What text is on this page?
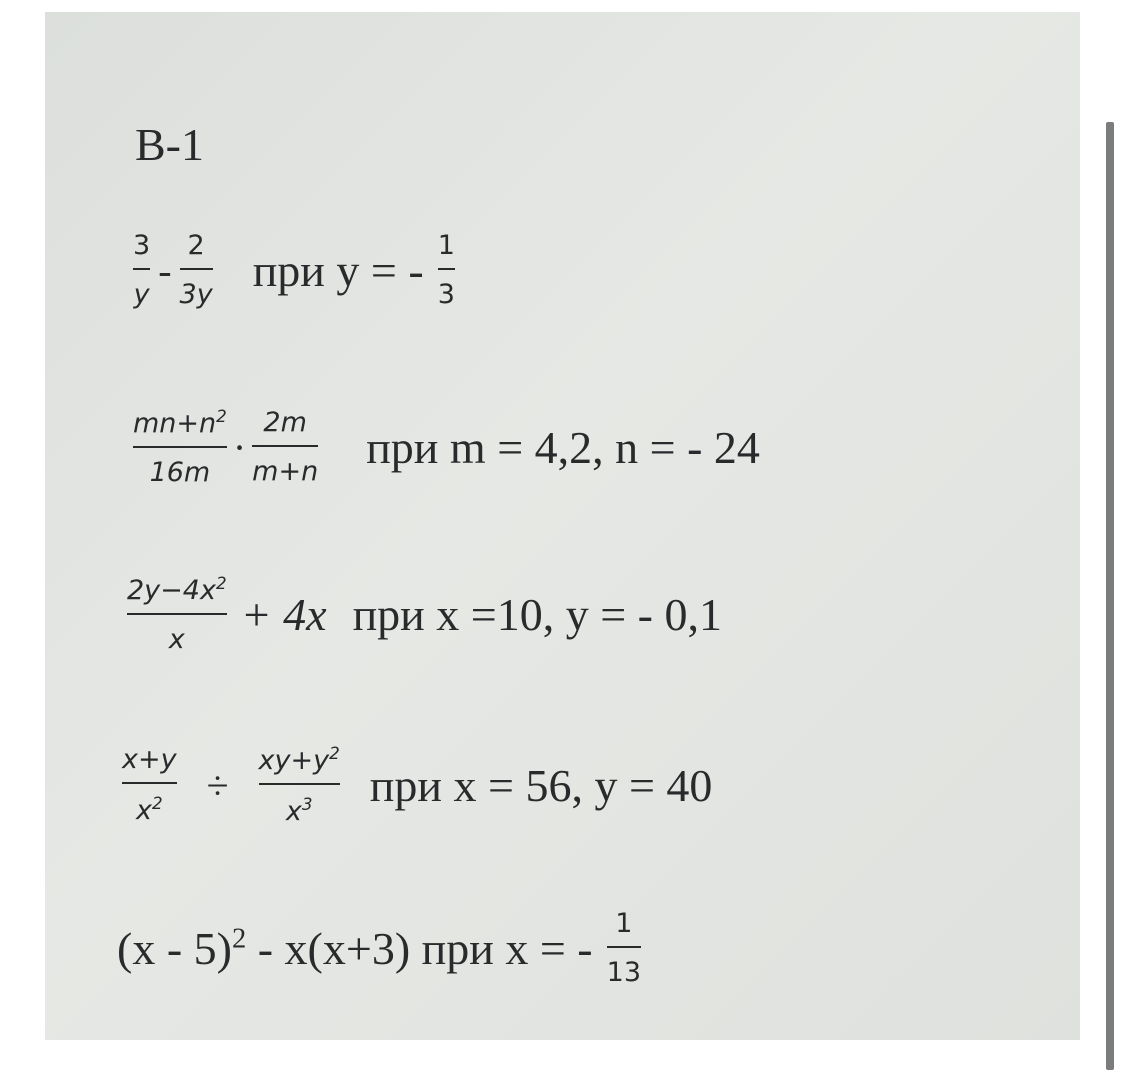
В-1
$\frac{3}{y} - \frac{2}{3y}$ при у = - $\frac{1}{3}$
$\frac{mn+n^2}{16m} \cdot \frac{2m}{m+n}$ при m = 4,2, n = - 24
$\frac{2y-4x^2}{x} + 4x$ при х =10, у = - 0,1
$\frac{x+y}{x^2} \div \frac{xy+y^2}{x^3}$ при х = 56, у = 40
(x - 5)$^2$ - x(x+3) при х = - $\frac{1}{13}$
